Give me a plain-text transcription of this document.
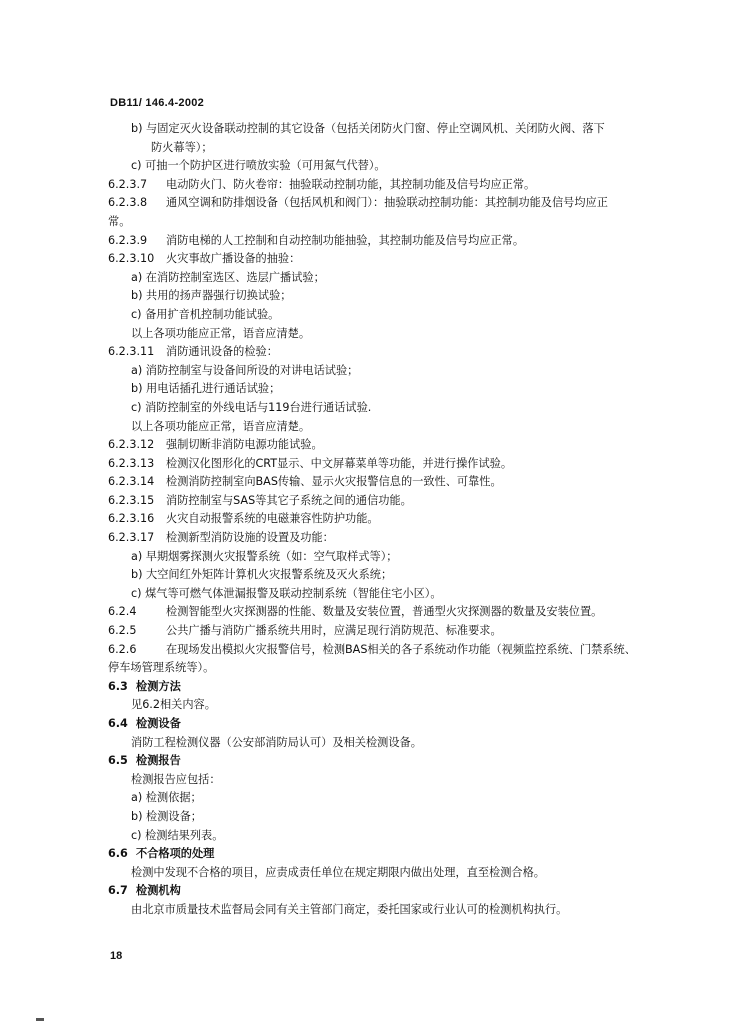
DB11/ 146.4-2002
b) 与固定灭火设备联动控制的其它设备（包括关闭防火门窗、停止空调风机、关闭防火阀、落下
防火幕等）；
c) 可抽一个防护区进行喷放实验（可用氮气代替）。
6.2.3.7 电动防火门、防火卷帘：抽验联动控制功能，其控制功能及信号均应正常。
6.2.3.8 通风空调和防排烟设备（包括风机和阀门）：抽验联动控制功能：其控制功能及信号均应正
常。
6.2.3.9 消防电梯的人工控制和自动控制功能抽验，其控制功能及信号均应正常。
6.2.3.10 火灾事故广播设备的抽验：
a) 在消防控制室选区、选层广播试验；
b) 共用的扬声器强行切换试验；
c) 备用扩音机控制功能试验。
以上各项功能应正常，语音应清楚。
6.2.3.11 消防通讯设备的检验：
a) 消防控制室与设备间所设的对讲电话试验；
b) 用电话插孔进行通话试验；
c) 消防控制室的外线电话与119台进行通话试验.
以上各项功能应正常，语音应清楚。
6.2.3.12 强制切断非消防电源功能试验。
6.2.3.13 检测汉化图形化的CRT显示、中文屏幕菜单等功能，并进行操作试验。
6.2.3.14 检测消防控制室向BAS传输、显示火灾报警信息的一致性、可靠性。
6.2.3.15 消防控制室与SAS等其它子系统之间的通信功能。
6.2.3.16 火灾自动报警系统的电磁兼容性防护功能。
6.2.3.17 检测新型消防设施的设置及功能：
a) 早期烟雾探测火灾报警系统（如：空气取样式等）；
b) 大空间红外矩阵计算机火灾报警系统及灭火系统；
c) 煤气等可燃气体泄漏报警及联动控制系统（智能住宅小区）。
6.2.4	检测智能型火灾探测器的性能、数量及安装位置，普通型火灾探测器的数量及安装位置。
6.2.5	公共广播与消防广播系统共用时，应满足现行消防规范、标准要求。
6.2.6	在现场发出模拟火灾报警信号，检测BAS相关的各子系统动作功能（视频监控系统、门禁系统、
停车场管理系统等）。
6.3 检测方法
见6.2相关内容。
6.4 检测设备
消防工程检测仪器（公安部消防局认可）及相关检测设备。
6.5 检测报告
检测报告应包括：
a) 检测依据；
b) 检测设备；
c) 检测结果列表。
6.6 不合格项的处理
检测中发现不合格的项目，应责成责任单位在规定期限内做出处理，直至检测合格。
6.7 检测机构
由北京市质量技术监督局会同有关主管部门商定，委托国家或行业认可的检测机构执行。
18
